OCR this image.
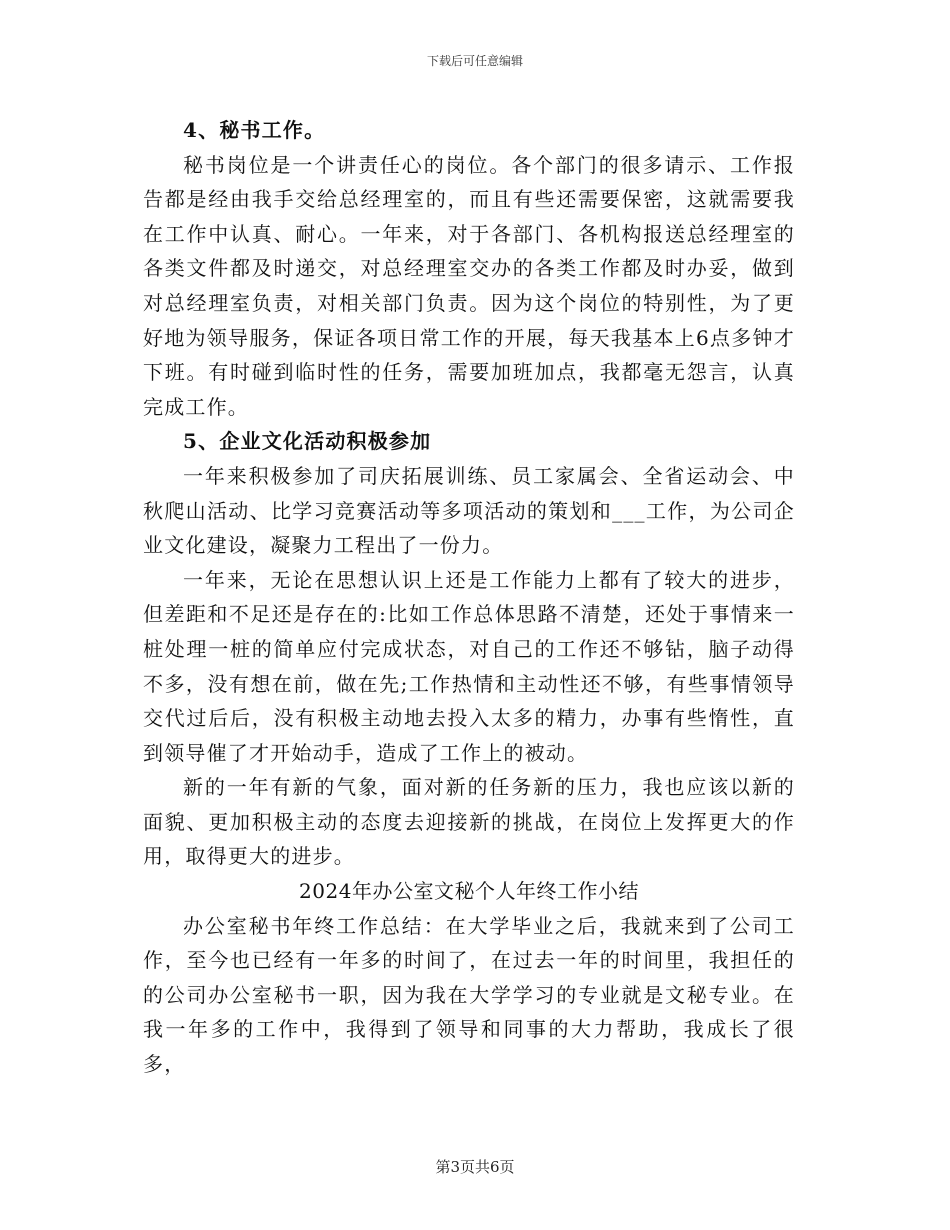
下载后可任意编辑

4、秘书工作。

秘书岗位是一个讲责任心的岗位。各个部门的很多请示、工作报告都是经由我手交给总经理室的，而且有些还需要保密，这就需要我在工作中认真、耐心。一年来，对于各部门、各机构报送总经理室的各类文件都及时递交，对总经理室交办的各类工作都及时办妥，做到对总经理室负责，对相关部门负责。因为这个岗位的特别性，为了更好地为领导服务，保证各项日常工作的开展，每天我基本上6点多钟才下班。有时碰到临时性的任务，需要加班加点，我都毫无怨言，认真完成工作。

5、企业文化活动积极参加

一年来积极参加了司庆拓展训练、员工家属会、全省运动会、中秋爬山活动、比学习竞赛活动等多项活动的策划和___工作，为公司企业文化建设，凝聚力工程出了一份力。

一年来，无论在思想认识上还是工作能力上都有了较大的进步，但差距和不足还是存在的:比如工作总体思路不清楚，还处于事情来一桩处理一桩的简单应付完成状态，对自己的工作还不够钻，脑子动得不多，没有想在前，做在先;工作热情和主动性还不够，有些事情领导交代过后后，没有积极主动地去投入太多的精力，办事有些惰性，直到领导催了才开始动手，造成了工作上的被动。

新的一年有新的气象，面对新的任务新的压力，我也应该以新的面貌、更加积极主动的态度去迎接新的挑战，在岗位上发挥更大的作用，取得更大的进步。

2024年办公室文秘个人年终工作小结

办公室秘书年终工作总结：在大学毕业之后，我就来到了公司工作，至今也已经有一年多的时间了，在过去一年的时间里，我担任的的公司办公室秘书一职，因为我在大学学习的专业就是文秘专业。在我一年多的工作中，我得到了领导和同事的大力帮助，我成长了很多，

第3页共6页
